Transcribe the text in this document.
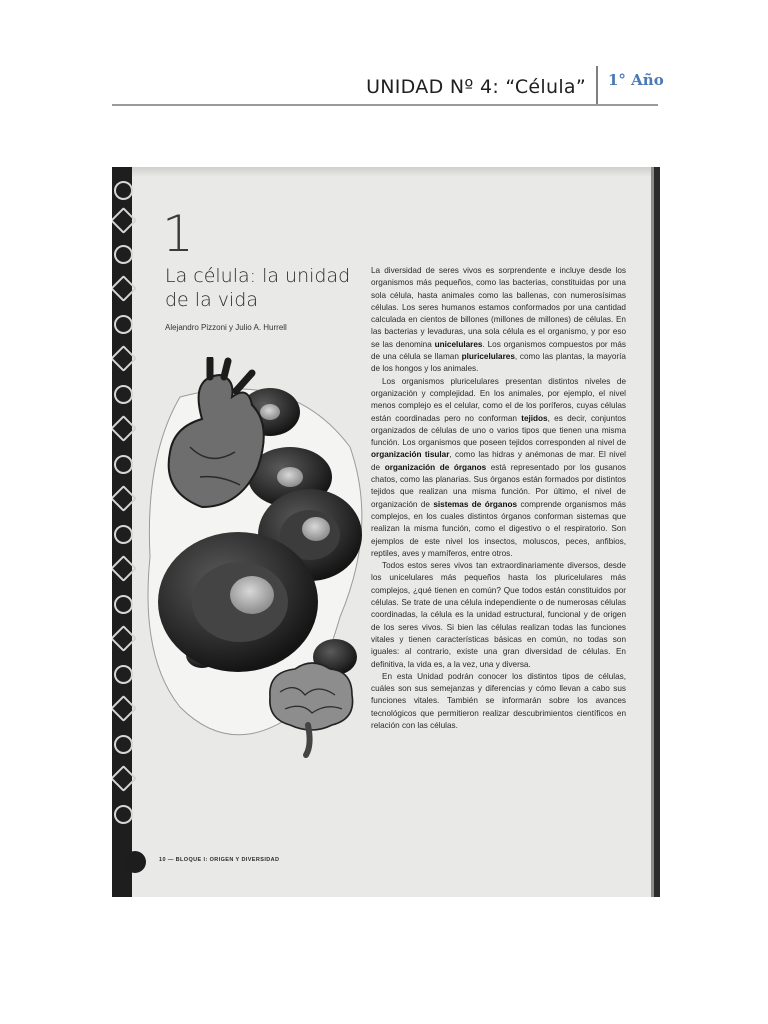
UNIDAD Nº 4: “Célula” 1° Año
1
La célula: la unidad de la vida
Alejandro Pizzoni y Julio A. Hurrell

La diversidad de seres vivos es sorprendente e incluye desde los organismos más pequeños, como las bacterias, constituidas por una sola célula, hasta animales como las ballenas, con numerosísimas células. Los seres humanos estamos conformados por una cantidad calculada en cientos de billones (millones de millones) de células. En las bacterias y levaduras, una sola célula es el organismo, y por eso se las denomina unicelulares. Los organismos compuestos por más de una célula se llaman pluricelulares, como las plantas, la mayoría de los hongos y los animales.

Los organismos pluricelulares presentan distintos niveles de organización y complejidad. En los animales, por ejemplo, el nivel menos complejo es el celular, como el de los poríferos, cuyas células están coordinadas pero no conforman tejidos, es decir, conjuntos organizados de células de uno o varios tipos que tienen una misma función. Los organismos que poseen tejidos corresponden al nivel de organización tisular, como las hidras y anémonas de mar. El nivel de organización de órganos está representado por los gusanos chatos, como las planarias. Sus órganos están formados por distintos tejidos que realizan una misma función. Por último, el nivel de organización de sistemas de órganos comprende organismos más complejos, en los cuales distintos órganos conforman sistemas que realizan la misma función, como el digestivo o el respiratorio. Son ejemplos de este nivel los insectos, moluscos, peces, anfibios, reptiles, aves y mamíferos, entre otros.

Todos estos seres vivos tan extraordinariamente diversos, desde los unicelulares más pequeños hasta los pluricelulares más complejos, ¿qué tienen en común? Que todos están constituidos por células. Se trate de una célula independiente o de numerosas células coordinadas, la célula es la unidad estructural, funcional y de origen de los seres vivos. Si bien las células realizan todas las funciones vitales y tienen características básicas en común, no todas son iguales: al contrario, existe una gran diversidad de células. En definitiva, la vida es, a la vez, una y diversa.

En esta Unidad podrán conocer los distintos tipos de células, cuáles son sus semejanzas y diferencias y cómo llevan a cabo sus funciones vitales. También se informarán sobre los avances tecnológicos que permitieron realizar descubrimientos científicos en relación con las células.

10 — BLOQUE I: ORIGEN Y DIVERSIDAD
